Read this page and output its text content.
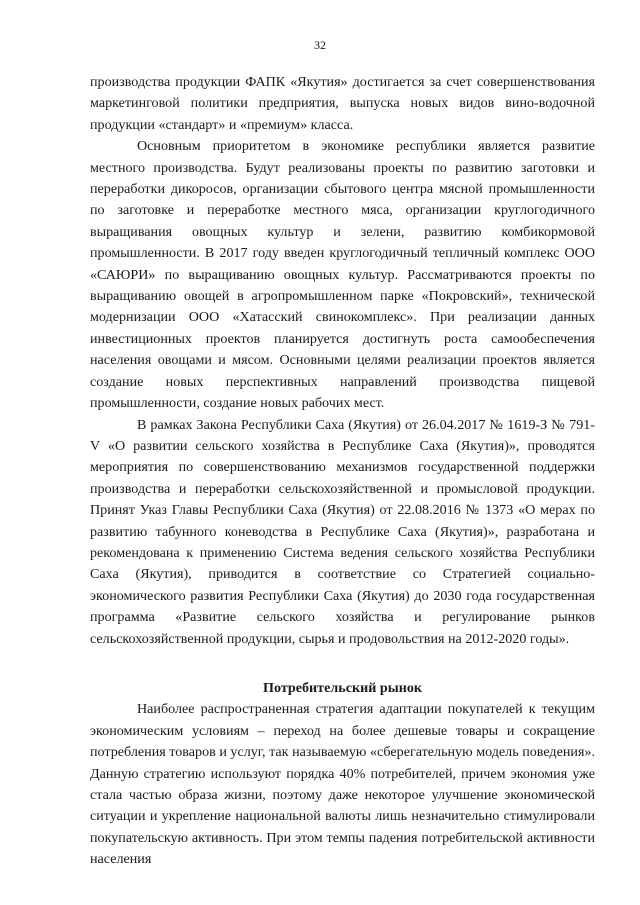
32

производства продукции ФАПК «Якутия» достигается за счет совершенствования маркетинговой политики предприятия, выпуска новых видов вино-водочной продукции «стандарт» и «премиум» класса.

Основным приоритетом в экономике республики является развитие местного производства. Будут реализованы проекты по развитию заготовки и переработки дикоросов, организации сбытового центра мясной промышленности по заготовке и переработке местного мяса, организации круглогодичного выращивания овощных культур и зелени, развитию комбикормовой промышленности. В 2017 году введен круглогодичный тепличный комплекс ООО «САЮРИ» по выращиванию овощных культур. Рассматриваются проекты по выращиванию овощей в агропромышленном парке «Покровский», технической модернизации ООО «Хатасский свинокомплекс». При реализации данных инвестиционных проектов планируется достигнуть роста самообеспечения населения овощами и мясом. Основными целями реализации проектов является создание новых перспективных направлений производства пищевой промышленности, создание новых рабочих мест.

В рамках Закона Республики Саха (Якутия) от 26.04.2017 № 1619-З № 791-V «О развитии сельского хозяйства в Республике Саха (Якутия)», проводятся мероприятия по совершенствованию механизмов государственной поддержки производства и переработки сельскохозяйственной и промысловой продукции. Принят Указ Главы Республики Саха (Якутия) от 22.08.2016 № 1373 «О мерах по развитию табунного коневодства в Республике Саха (Якутия)», разработана и рекомендована к применению Система ведения сельского хозяйства Республики Саха (Якутия), приводится в соответствие со Стратегией социально-экономического развития Республики Саха (Якутия) до 2030 года государственная программа «Развитие сельского хозяйства и регулирование рынков сельскохозяйственной продукции, сырья и продовольствия на 2012-2020 годы».

Потребительский рынок

Наиболее распространенная стратегия адаптации покупателей к текущим экономическим условиям – переход на более дешевые товары и сокращение потребления товаров и услуг, так называемую «сберегательную модель поведения». Данную стратегию используют порядка 40% потребителей, причем экономия уже стала частью образа жизни, поэтому даже некоторое улучшение экономической ситуации и укрепление национальной валюты лишь незначительно стимулировали покупательскую активность. При этом темпы падения потребительской активности населения
